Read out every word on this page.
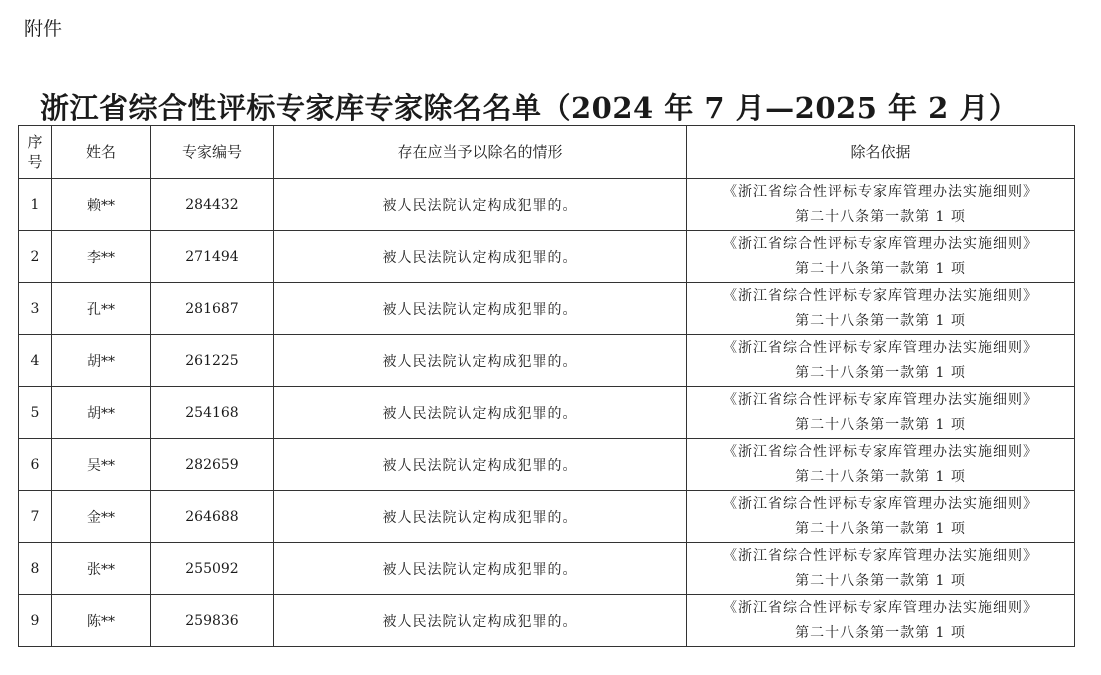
附件
浙江省综合性评标专家库专家除名名单（2024 年 7 月—2025 年 2 月）
序
号	姓名	专家编号	存在应当予以除名的情形	除名依据
1	赖**	284432	被人民法院认定构成犯罪的。	《浙江省综合性评标专家库管理办法实施细则》
第二十八条第一款第 1 项

2	李**	271494	被人民法院认定构成犯罪的。	《浙江省综合性评标专家库管理办法实施细则》
第二十八条第一款第 1 项

3	孔**	281687	被人民法院认定构成犯罪的。	《浙江省综合性评标专家库管理办法实施细则》
第二十八条第一款第 1 项

4	胡**	261225	被人民法院认定构成犯罪的。	《浙江省综合性评标专家库管理办法实施细则》
第二十八条第一款第 1 项

5	胡**	254168	被人民法院认定构成犯罪的。	《浙江省综合性评标专家库管理办法实施细则》
第二十八条第一款第 1 项

6	吴**	282659	被人民法院认定构成犯罪的。	《浙江省综合性评标专家库管理办法实施细则》
第二十八条第一款第 1 项

7	金**	264688	被人民法院认定构成犯罪的。	《浙江省综合性评标专家库管理办法实施细则》
第二十八条第一款第 1 项

8	张**	255092	被人民法院认定构成犯罪的。	《浙江省综合性评标专家库管理办法实施细则》
第二十八条第一款第 1 项

9	陈**	259836	被人民法院认定构成犯罪的。	《浙江省综合性评标专家库管理办法实施细则》
第二十八条第一款第 1 项
